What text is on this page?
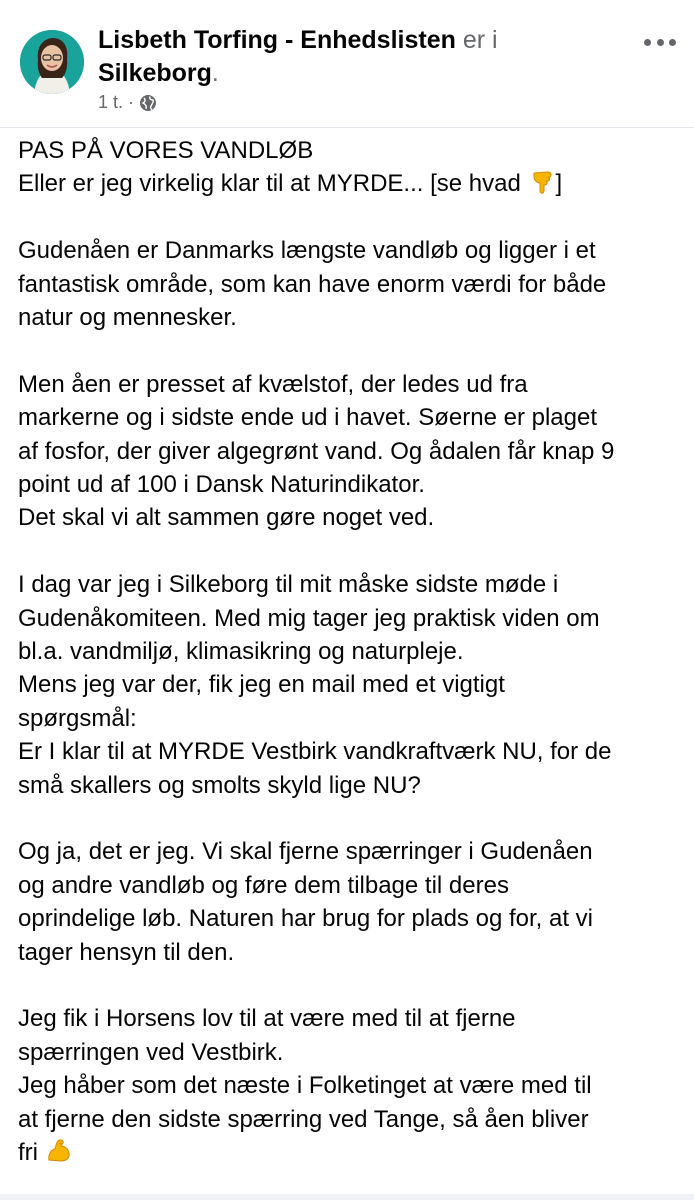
Lisbeth Torfing - Enhedslisten er i
Silkeborg.
1 t. ·
PAS PÅ VORES VANDLØB
Eller er jeg virkelig klar til at MYRDE... [se hvad ]
Gudenåen er Danmarks længste vandløb og ligger i et
fantastisk område, som kan have enorm værdi for både
natur og mennesker.
Men åen er presset af kvælstof, der ledes ud fra
markerne og i sidste ende ud i havet. Søerne er plaget
af fosfor, der giver algegrønt vand. Og ådalen får knap 9
point ud af 100 i Dansk Naturindikator.
Det skal vi alt sammen gøre noget ved.
I dag var jeg i Silkeborg til mit måske sidste møde i
Gudenåkomiteen. Med mig tager jeg praktisk viden om
bl.a. vandmiljø, klimasikring og naturpleje.
Mens jeg var der, fik jeg en mail med et vigtigt
spørgsmål:
Er I klar til at MYRDE Vestbirk vandkraftværk NU, for de
små skallers og smolts skyld lige NU?
Og ja, det er jeg. Vi skal fjerne spærringer i Gudenåen
og andre vandløb og føre dem tilbage til deres
oprindelige løb. Naturen har brug for plads og for, at vi
tager hensyn til den.
Jeg fik i Horsens lov til at være med til at fjerne
spærringen ved Vestbirk.
Jeg håber som det næste i Folketinget at være med til
at fjerne den sidste spærring ved Tange, så åen bliver
fri
